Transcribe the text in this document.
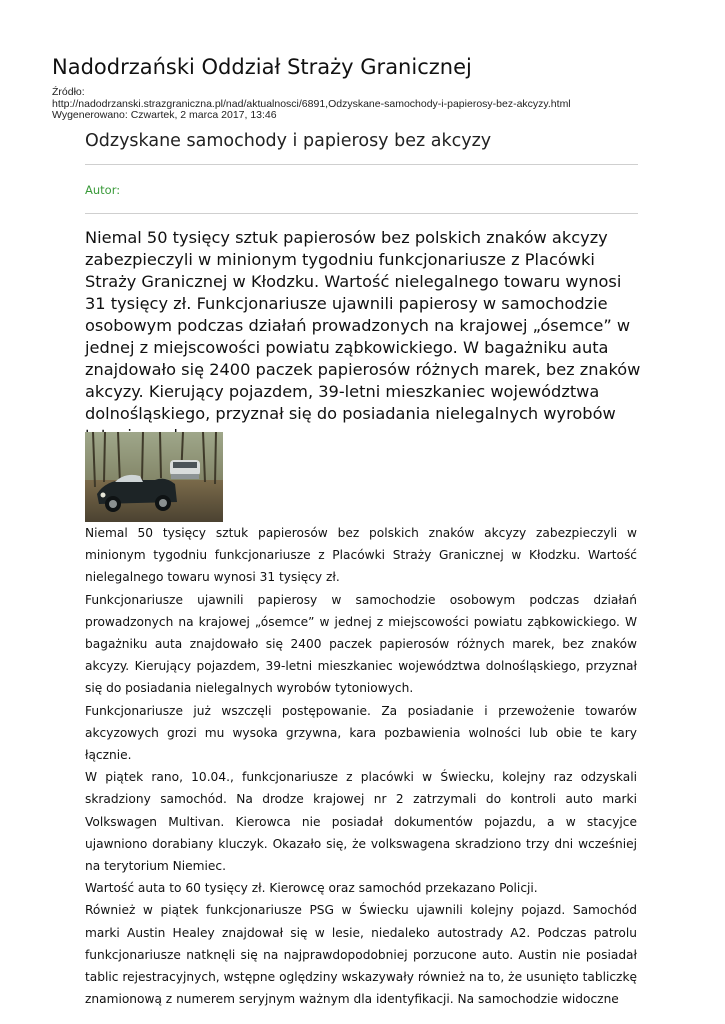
Nadodrzański Oddział Straży Granicznej
Źródło:
http://nadodrzanski.strazgraniczna.pl/nad/aktualnosci/6891,Odzyskane-samochody-i-papierosy-bez-akcyzy.html
Wygenerowano: Czwartek, 2 marca 2017, 13:46
Odzyskane samochody i papierosy bez akcyzy
Autor:
Niemal 50 tysięcy sztuk papierosów bez polskich znaków akcyzy zabezpieczyli w minionym tygodniu funkcjonariusze z Placówki Straży Granicznej w Kłodzku. Wartość nielegalnego towaru wynosi 31 tysięcy zł. Funkcjonariusze ujawnili papierosy w samochodzie osobowym podczas działań prowadzonych na krajowej „ósemce” w jednej z miejscowości powiatu ząbkowickiego. W bagażniku auta znajdowało się 2400 paczek papierosów różnych marek, bez znaków akcyzy. Kierujący pojazdem, 39-letni mieszkaniec województwa dolnośląskiego, przyznał się do posiadania nielegalnych wyrobów

Niemal 50 tysięcy sztuk papierosów bez polskich znaków akcyzy zabezpieczyli w minionym tygodniu funkcjonariusze z Placówki Straży Granicznej w Kłodzku. Wartość nielegalnego towaru wynosi 31 tysięcy zł.

Funkcjonariusze ujawnili papierosy w samochodzie osobowym podczas działań prowadzonych na krajowej „ósemce” w jednej z miejscowości powiatu ząbkowickiego. W bagażniku auta znajdowało się 2400 paczek papierosów różnych marek, bez znaków akcyzy. Kierujący pojazdem, 39-letni mieszkaniec województwa dolnośląskiego, przyznał się do posiadania nielegalnych wyrobów tytoniowych.

Funkcjonariusze już wszczęli postępowanie. Za posiadanie i przewożenie towarów akcyzowych grozi mu wysoka grzywna, kara pozbawienia wolności lub obie te kary łącznie.

W piątek rano, 10.04., funkcjonariusze z placówki w Świecku, kolejny raz odzyskali skradziony samochód. Na drodze krajowej nr 2 zatrzymali do kontroli auto marki Volkswagen Multivan. Kierowca nie posiadał dokumentów pojazdu, a w stacyjce ujawniono dorabiany kluczyk. Okazało się, że volkswagena skradziono trzy dni wcześniej na terytorium Niemiec.

Wartość auta to 60 tysięcy zł. Kierowcę oraz samochód przekazano Policji.

Również w piątek funkcjonariusze PSG w Świecku ujawnili kolejny pojazd. Samochód marki Austin Healey znajdował się w lesie, niedaleko autostrady A2. Podczas patrolu funkcjonariusze natknęli się na najprawdopodobniej porzucone auto. Austin nie posiadał tablic rejestracyjnych, wstępne oględziny wskazywały również na to, że usunięto tabliczkę znamionową z numerem seryjnym ważnym dla identyfikacji. Na samochodzie widoczne
